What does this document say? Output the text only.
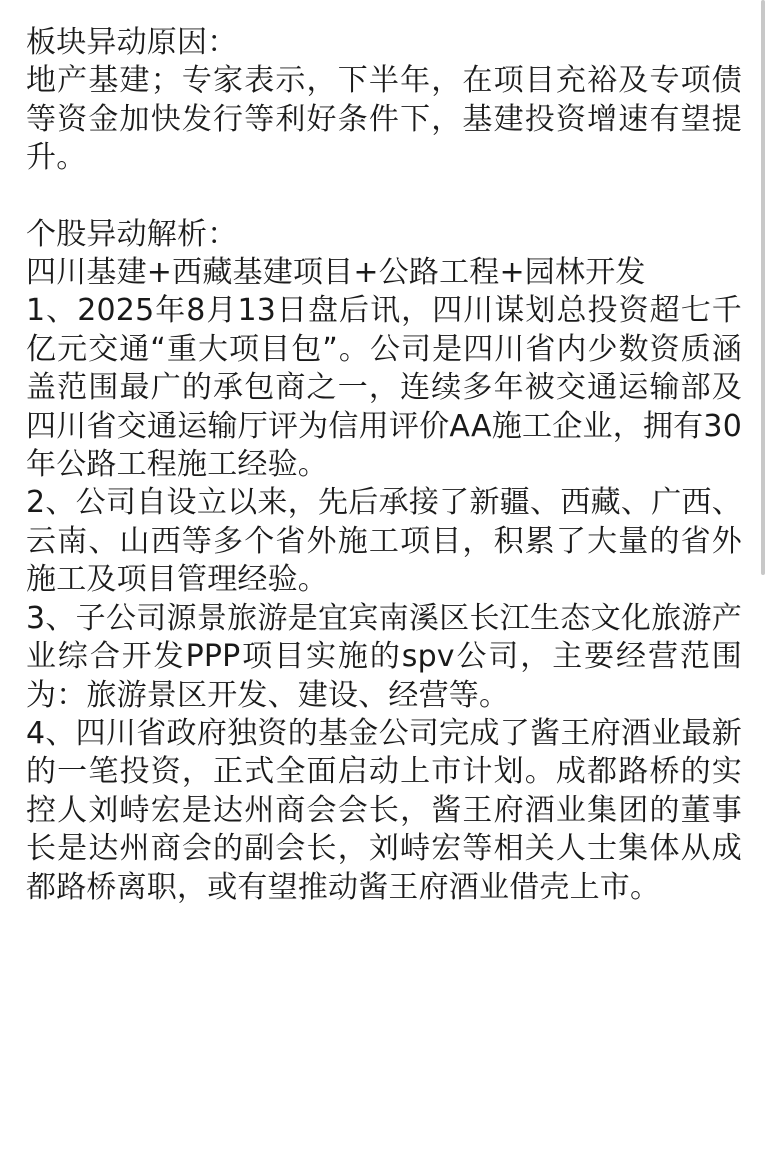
板块异动原因：

地产基建；专家表示，下半年，在项目充裕及专项债等资金加快发行等利好条件下，基建投资增速有望提升。

个股异动解析：

四川基建+西藏基建项目+公路工程+园林开发

1、2025年8月13日盘后讯，四川谋划总投资超七千亿元交通“重大项目包”。公司是四川省内少数资质涵盖范围最广的承包商之一，连续多年被交通运输部及四川省交通运输厅评为信用评价AA施工企业，拥有30年公路工程施工经验。

2、公司自设立以来，先后承接了新疆、西藏、广西、云南、山西等多个省外施工项目，积累了大量的省外施工及项目管理经验。

3、子公司源景旅游是宜宾南溪区长江生态文化旅游产业综合开发PPP项目实施的spv公司，主要经营范围为：旅游景区开发、建设、经营等。

4、四川省政府独资的基金公司完成了酱王府酒业最新的一笔投资，正式全面启动上市计划。成都路桥的实控人刘峙宏是达州商会会长，酱王府酒业集团的董事长是达州商会的副会长，刘峙宏等相关人士集体从成都路桥离职，或有望推动酱王府酒业借壳上市。
